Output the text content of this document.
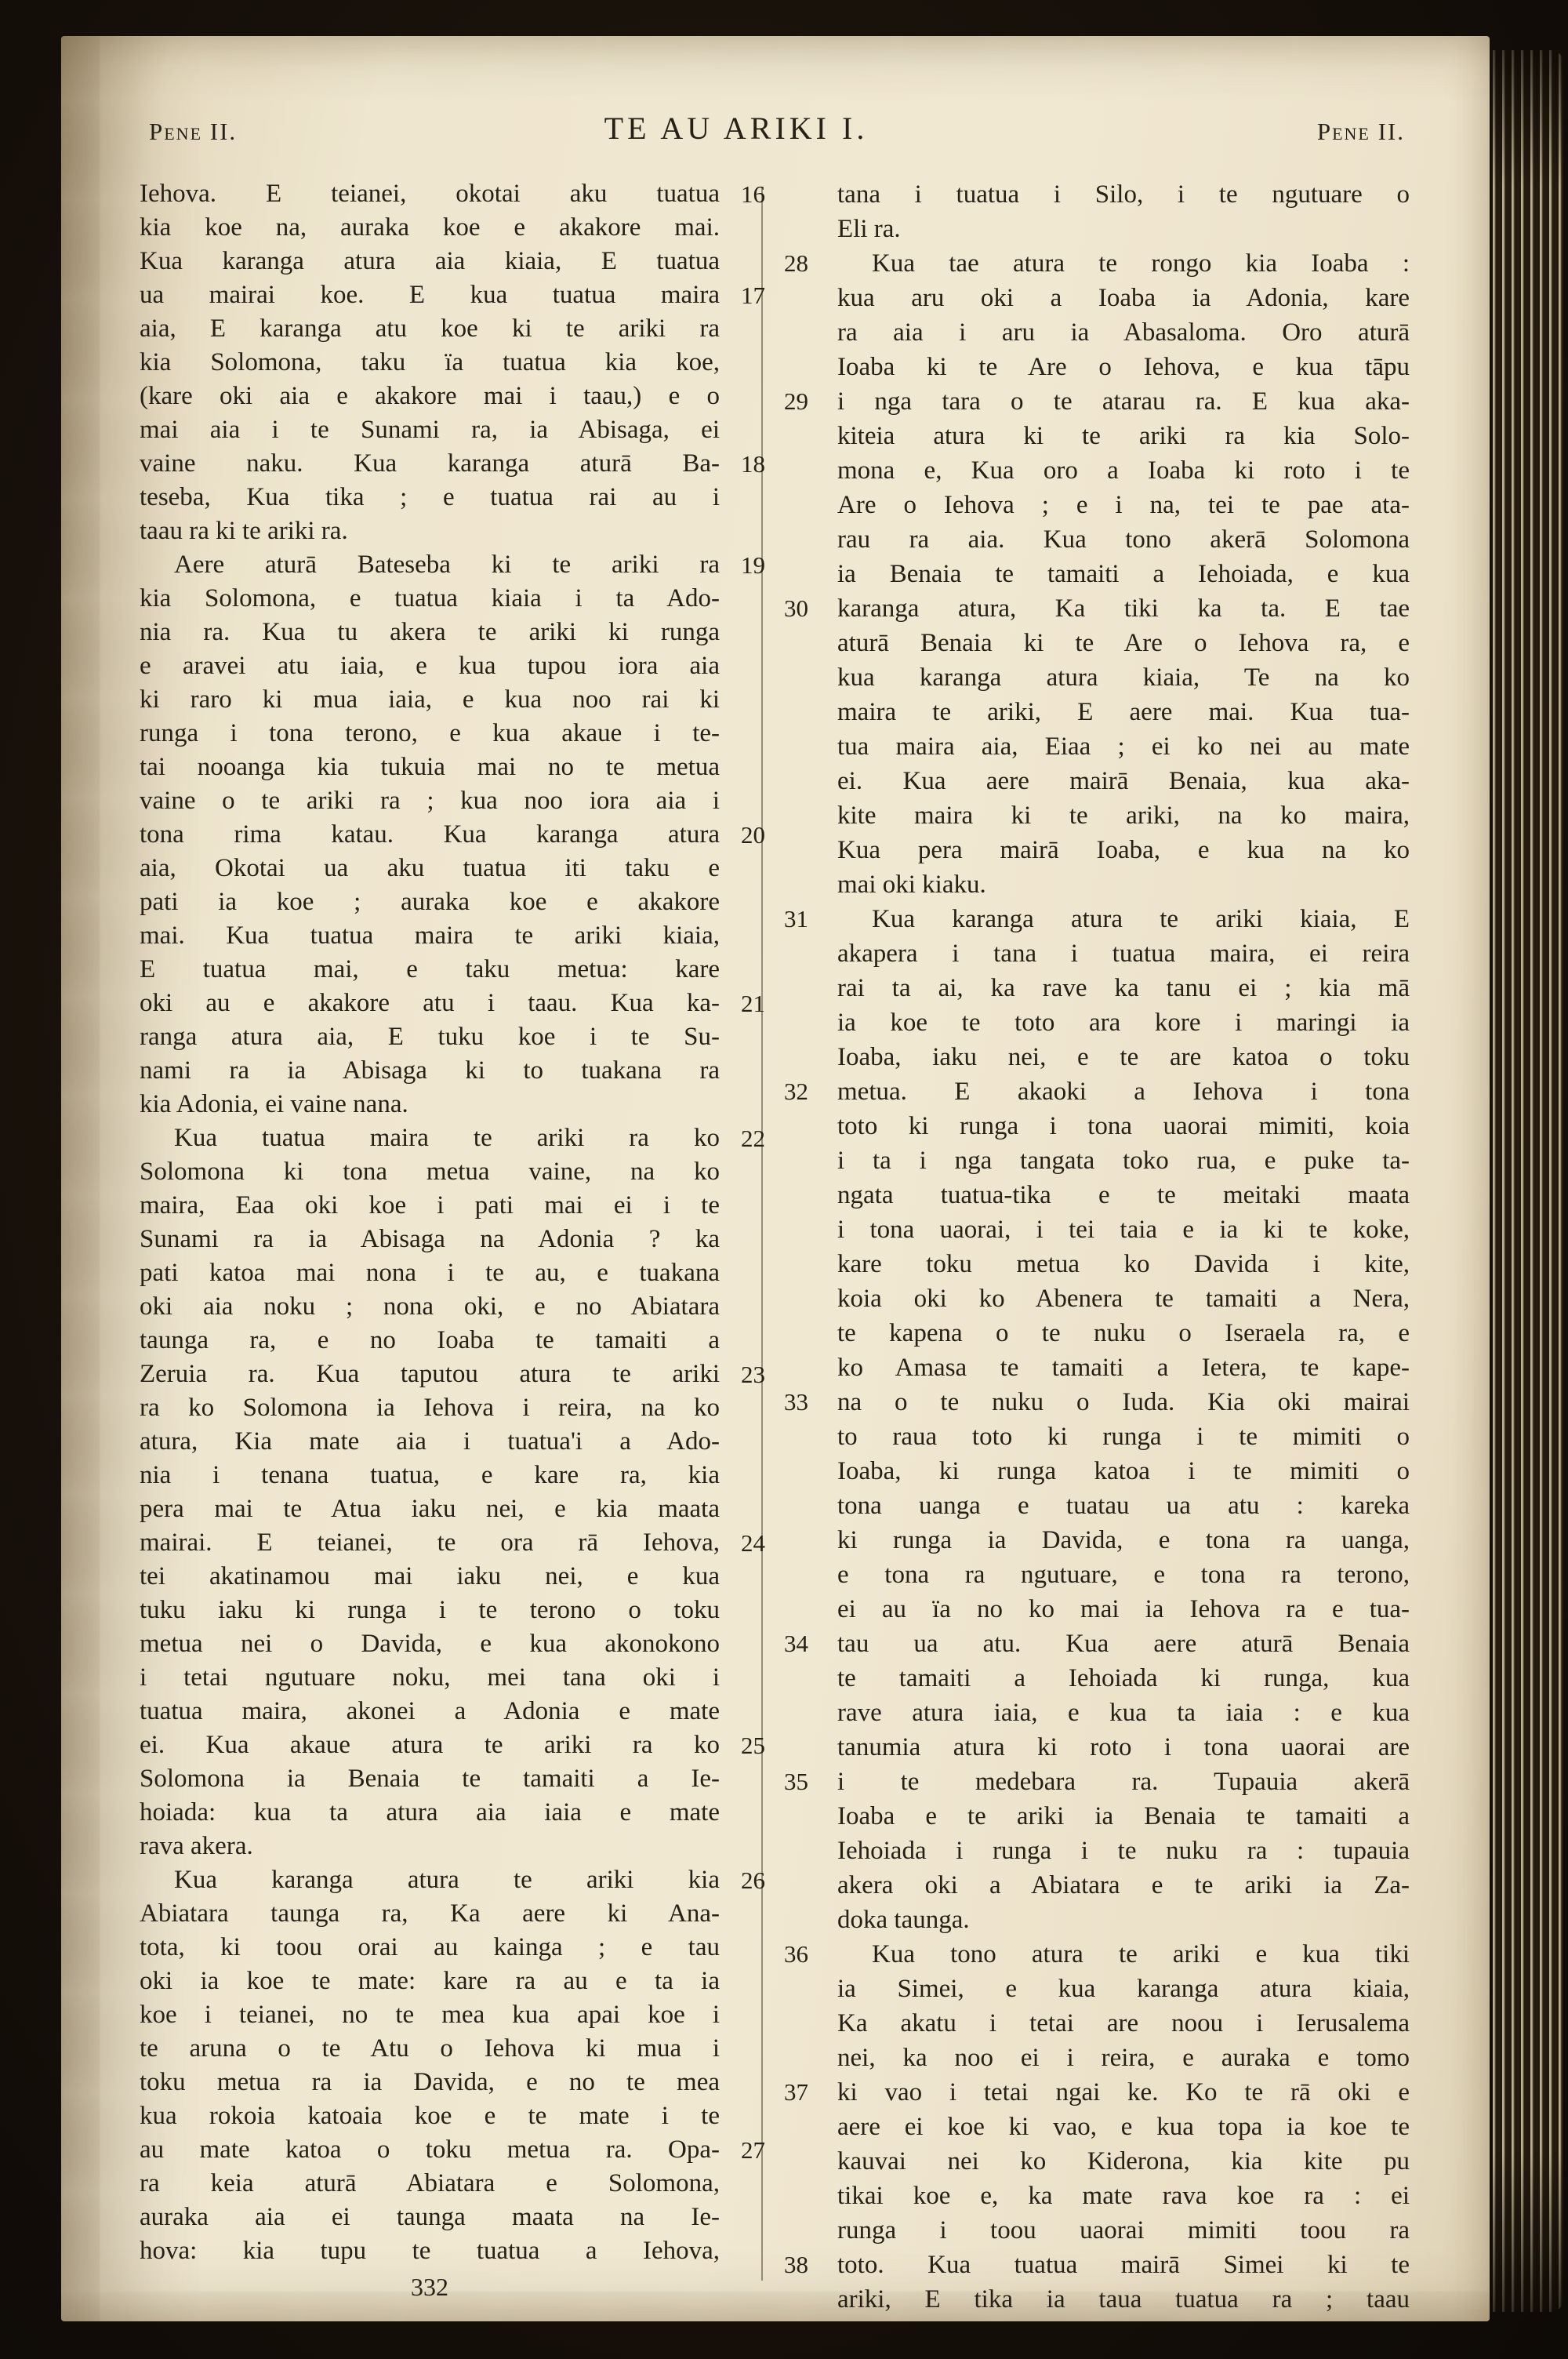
Pene II.	TE AU ARIKI I.	Pene II.
16
Iehova. E teianei, okotai aku tuatua
kia koe na, auraka koe e akakore mai.
Kua karanga atura aia kiaia, E tuatua
17
ua mairai koe. E kua tuatua maira
aia, E karanga atu koe ki te ariki ra
kia Solomona, taku ïa tuatua kia koe,
(kare oki aia e akakore mai i taau,) e o
mai aia i te Sunami ra, ia Abisaga, ei
18
vaine naku. Kua karanga aturā Ba-
teseba, Kua tika ; e tuatua rai au i
taau ra ki te ariki ra.
19
Aere aturā Bateseba ki te ariki ra
kia Solomona, e tuatua kiaia i ta Ado-
nia ra. Kua tu akera te ariki ki runga
e aravei atu iaia, e kua tupou iora aia
ki raro ki mua iaia, e kua noo rai ki
runga i tona terono, e kua akaue i te-
tai nooanga kia tukuia mai no te metua
vaine o te ariki ra ; kua noo iora aia i
20
tona rima katau. Kua karanga atura
aia, Okotai ua aku tuatua iti taku e
pati ia koe ; auraka koe e akakore
mai. Kua tuatua maira te ariki kiaia,
E tuatua mai, e taku metua: kare
21
oki au e akakore atu i taau. Kua ka-
ranga atura aia, E tuku koe i te Su-
nami ra ia Abisaga ki to tuakana ra
kia Adonia, ei vaine nana.
22
Kua tuatua maira te ariki ra ko
Solomona ki tona metua vaine, na ko
maira, Eaa oki koe i pati mai ei i te
Sunami ra ia Abisaga na Adonia ? ka
pati katoa mai nona i te au, e tuakana
oki aia noku ; nona oki, e no Abiatara
taunga ra, e no Ioaba te tamaiti a
23
Zeruia ra. Kua taputou atura te ariki
ra ko Solomona ia Iehova i reira, na ko
atura, Kia mate aia i tuatua'i a Ado-
nia i tenana tuatua, e kare ra, kia
pera mai te Atua iaku nei, e kia maata
24
mairai. E teianei, te ora rā Iehova,
tei akatinamou mai iaku nei, e kua
tuku iaku ki runga i te terono o toku
metua nei o Davida, e kua akonokono
i tetai ngutuare noku, mei tana oki i
tuatua maira, akonei a Adonia e mate
25
ei. Kua akaue atura te ariki ra ko
Solomona ia Benaia te tamaiti a Ie-
hoiada: kua ta atura aia iaia e mate
rava akera.
26
Kua karanga atura te ariki kia
Abiatara taunga ra, Ka aere ki Ana-
tota, ki toou orai au kainga ; e tau
oki ia koe te mate: kare ra au e ta ia
koe i teianei, no te mea kua apai koe i
te aruna o te Atu o Iehova ki mua i
toku metua ra ia Davida, e no te mea
kua rokoia katoaia koe e te mate i te
27
au mate katoa o toku metua ra. Opa-
ra keia aturā Abiatara e Solomona,
auraka aia ei taunga maata na Ie-
hova: kia tupu te tuatua a Iehova,
tana i tuatua i Silo, i te ngutuare o
Eli ra.
28	Kua tae atura te rongo kia Ioaba :
kua aru oki a Ioaba ia Adonia, kare
ra aia i aru ia Abasaloma. Oro aturā
Ioaba ki te Are o Iehova, e kua tāpu
29 i nga tara o te atarau ra. E kua aka-
kiteia atura ki te ariki ra kia Solo-
mona e, Kua oro a Ioaba ki roto i te
Are o Iehova ; e i na, tei te pae ata-
rau ra aia. Kua tono akerā Solomona
ia Benaia te tamaiti a Iehoiada, e kua
30 karanga atura, Ka tiki ka ta. E tae
aturā Benaia ki te Are o Iehova ra, e
kua karanga atura kiaia, Te na ko
maira te ariki, E aere mai. Kua tua-
tua maira aia, Eiaa ; ei ko nei au mate
ei. Kua aere mairā Benaia, kua aka-
kite maira ki te ariki, na ko maira,
Kua pera mairā Ioaba, e kua na ko
mai oki kiaku.
31	Kua karanga atura te ariki kiaia, E
akapera i tana i tuatua maira, ei reira
rai ta ai, ka rave ka tanu ei ; kia mā
ia koe te toto ara kore i maringi ia
Ioaba, iaku nei, e te are katoa o toku
32 metua. E akaoki a Iehova i tona
toto ki runga i tona uaorai mimiti, koia
i ta i nga tangata toko rua, e puke ta-
ngata tuatua-tika e te meitaki maata
i tona uaorai, i tei taia e ia ki te koke,
kare toku metua ko Davida i kite,
koia oki ko Abenera te tamaiti a Nera,
te kapena o te nuku o Iseraela ra, e
ko Amasa te tamaiti a Ietera, te kape-
33 na o te nuku o Iuda. Kia oki mairai
to raua toto ki runga i te mimiti o
Ioaba, ki runga katoa i te mimiti o
tona uanga e tuatau ua atu : kareka
ki runga ia Davida, e tona ra uanga,
e tona ra ngutuare, e tona ra terono,
ei au ïa no ko mai ia Iehova ra e tua-
34 tau ua atu. Kua aere aturā Benaia
te tamaiti a Iehoiada ki runga, kua
rave atura iaia, e kua ta iaia : e kua
tanumia atura ki roto i tona uaorai are
35 i te medebara ra. Tupauia akerā
Ioaba e te ariki ia Benaia te tamaiti a
Iehoiada i runga i te nuku ra : tupauia
akera oki a Abiatara e te ariki ia Za-
doka taunga.
36	Kua tono atura te ariki e kua tiki
ia Simei, e kua karanga atura kiaia,
Ka akatu i tetai are noou i Ierusalema
nei, ka noo ei i reira, e auraka e tomo
37 ki vao i tetai ngai ke. Ko te rā oki e
aere ei koe ki vao, e kua topa ia koe te
kauvai nei ko Kiderona, kia kite pu
tikai koe e, ka mate rava koe ra : ei
runga i toou uaorai mimiti toou ra
38 toto. Kua tuatua mairā Simei ki te
ariki, E tika ia taua tuatua ra ; taau
332
